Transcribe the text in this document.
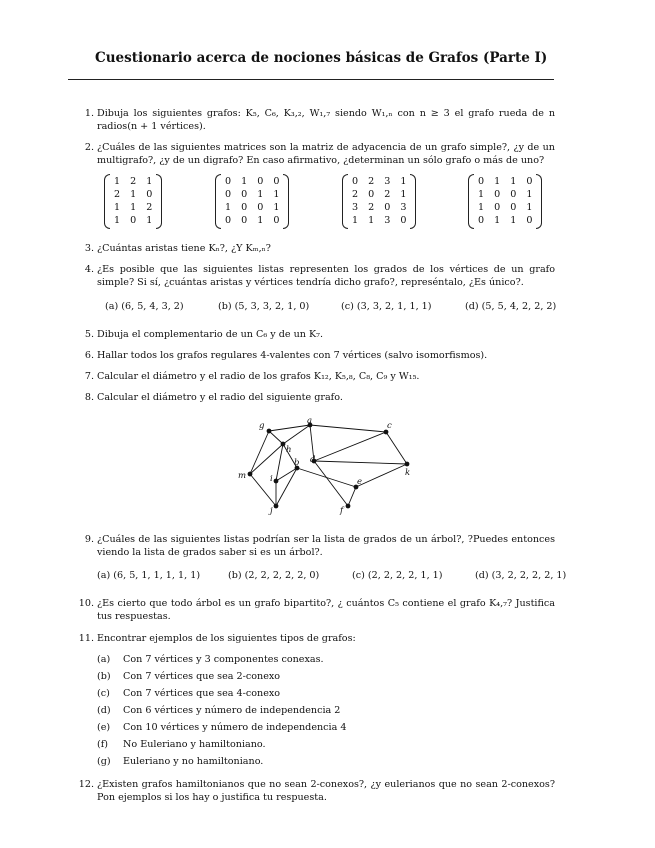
Cuestionario acerca de nociones básicas de Grafos (Parte I)
1. Dibuja los siguientes grafos: K₅, C₆, K₃,₂, W₁,₇ siendo W₁,ₙ con n ≥ 3 el grafo rueda de n radios(n + 1 vértices).
2. ¿Cuáles de las siguientes matrices son la matriz de adyacencia de un grafo simple?, ¿y de un multigrafo?, ¿y de un digrafo? En caso afirmativo, ¿determinan un sólo grafo o más de uno?
1 2 1
2 1 0
1 1 2
1 0 1
0 1 0 0
0 0 1 1
1 0 0 1
0 0 1 0
0 2 3 1
2 0 2 1
3 2 0 3
1 1 3 0
0 1 1 0
1 0 0 1
1 0 0 1
0 1 1 0
3. ¿Cuántas aristas tiene Kₙ?, ¿Y Kₘ,ₙ?
4. ¿Es posible que las siguientes listas representen los grados de los vértices de un grafo simple? Si sí, ¿cuántas aristas y vértices tendría dicho grafo?, represéntalo, ¿Es único?.
(a) (6, 5, 4, 3, 2)	(b) (5, 3, 3, 2, 1, 0)	(c) (3, 3, 2, 1, 1, 1)	(d) (5, 5, 4, 2, 2, 2)
5. Dibuja el complementario de un C₆ y de un K₇.
6. Hallar todos los grafos regulares 4-valentes con 7 vértices (salvo isomorfismos).
7. Calcular el diámetro y el radio de los grafos K₁₂, K₅,₈, C₈, C₉ y W₁₅.
8. Calcular el diámetro y el radio del siguiente grafo.
g	a	c
h
d
k
m	i
b
e
j	f
9. ¿Cuáles de las siguientes listas podrían ser la lista de grados de un árbol?, ?Puedes entonces viendo la lista de grados saber si es un árbol?.
(a) (6, 5, 1, 1, 1, 1, 1)	(b) (2, 2, 2, 2, 2, 0)	(c) (2, 2, 2, 2, 1, 1)	(d) (3, 2, 2, 2, 2, 1)
10. ¿Es cierto que todo árbol es un grafo bipartito?, ¿ cuántos C₅ contiene el grafo K₄,₇? Justifica tus respuestas.
11. Encontrar ejemplos de los siguientes tipos de grafos:
(a)	Con 7 vértices y 3 componentes conexas.
(b)	Con 7 vértices que sea 2-conexo
(c)	Con 7 vértices que sea 4-conexo
(d)	Con 6 vértices y número de independencia 2
(e)	Con 10 vértices y número de independencia 4
(f)	No Euleriano y hamiltoniano.
(g)	Euleriano y no hamiltoniano.
12. ¿Existen grafos hamiltonianos que no sean 2-conexos?, ¿y eulerianos que no sean 2-conexos? Pon ejemplos si los hay o justifica tu respuesta.
